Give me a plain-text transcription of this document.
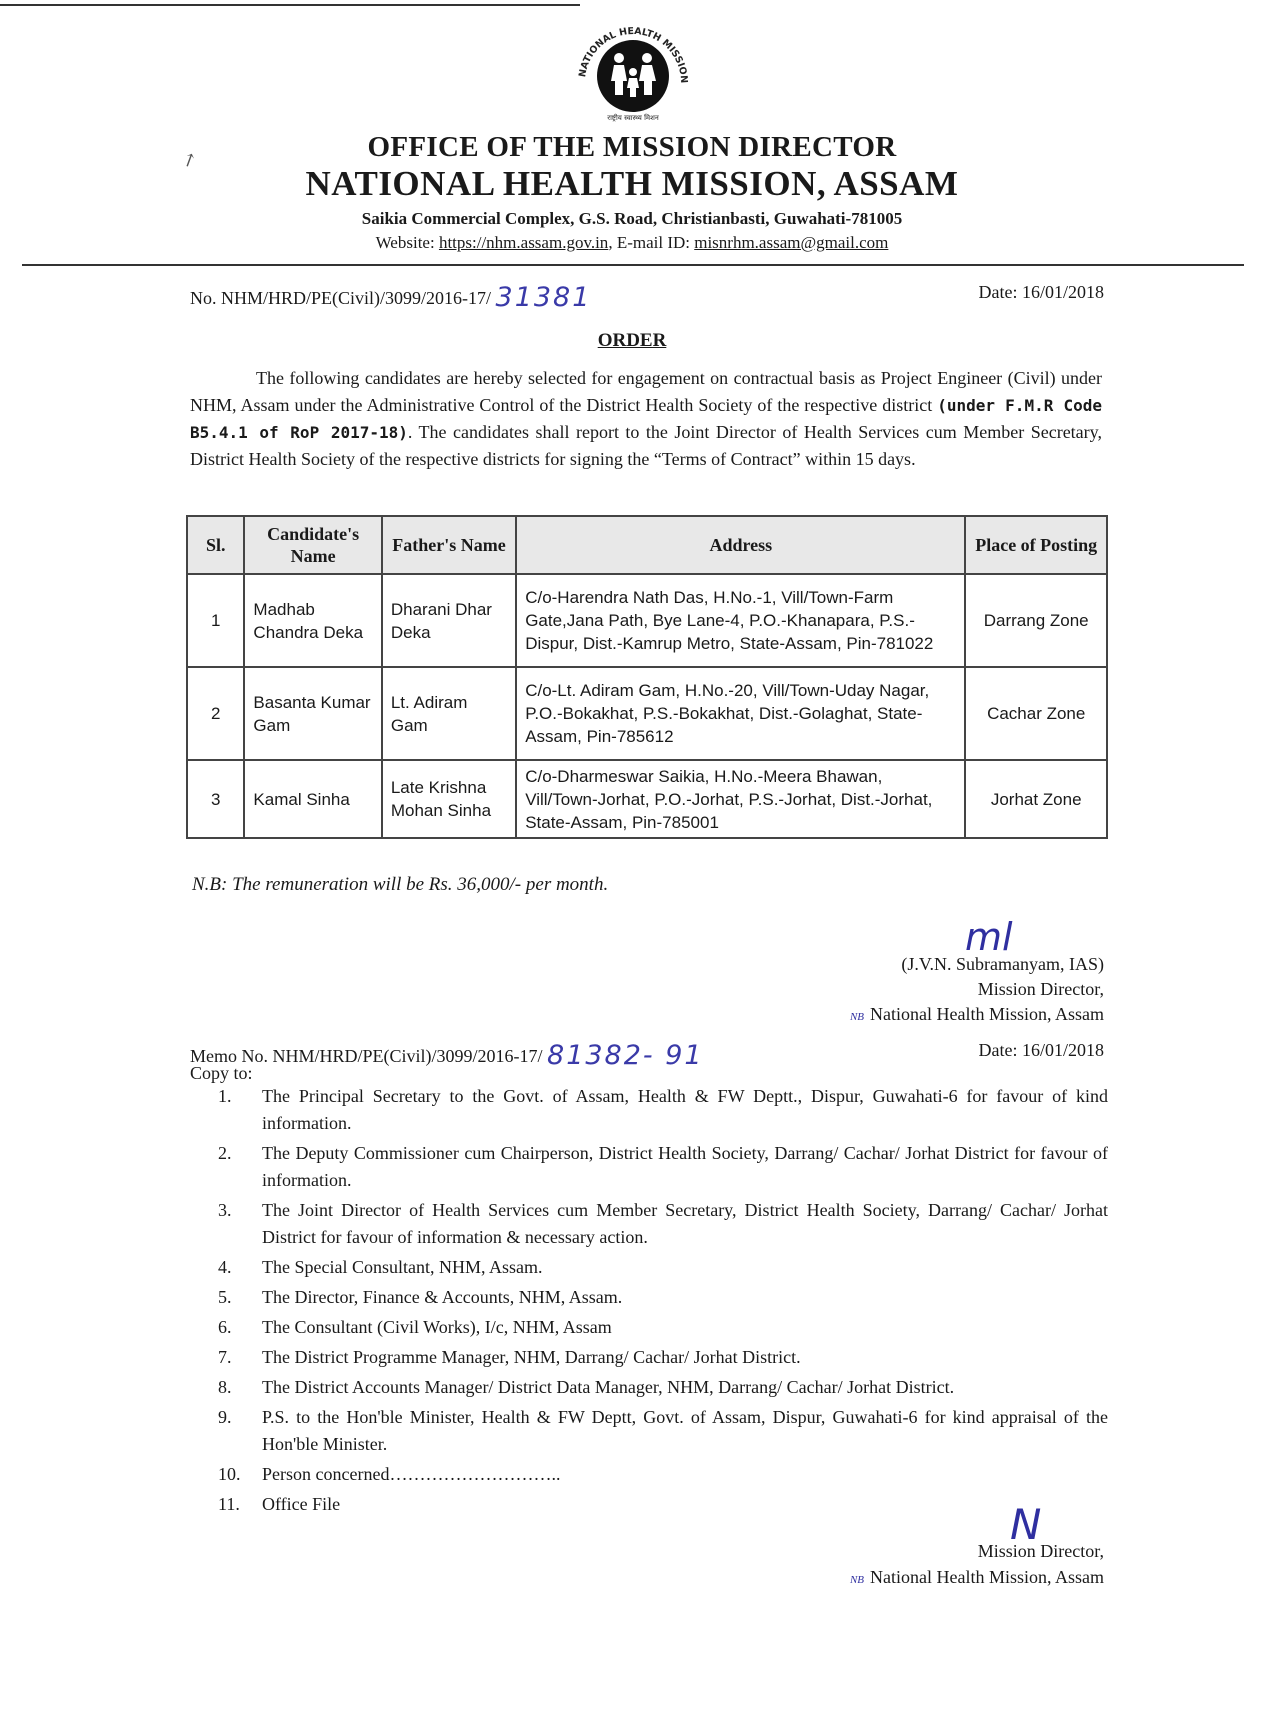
NATIONAL HEALTH MISSION
राष्ट्रीय स्वास्थ्य मिशन
↗	OFFICE OF THE MISSION DIRECTOR
NATIONAL HEALTH MISSION, ASSAM
Saikia Commercial Complex, G.S. Road, Christianbasti, Guwahati-781005
Website: https://nhm.assam.gov.in, E-mail ID: misnrhm.assam@gmail.com
No. NHM/HRD/PE(Civil)/3099/2016-17/ 31381	Date: 16/01/2018
ORDER
The following candidates are hereby selected for engagement on contractual basis as Project Engineer (Civil) under NHM, Assam under the Administrative Control of the District Health Society of the respective district (under F.M.R Code B5.4.1 of RoP 2017-18). The candidates shall report to the Joint Director of Health Services cum Member Secretary, District Health Society of the respective districts for signing the “Terms of Contract” within 15 days.
Sl.	Candidate's Name	Father's Name	Address	Place of Posting
1	Madhab Chandra Deka	Dharani Dhar Deka	C/o-Harendra Nath Das, H.No.-1, Vill/Town-Farm Gate,Jana Path, Bye Lane-4, P.O.-Khanapara, P.S.-Dispur, Dist.-Kamrup Metro, State-Assam, Pin-781022	Darrang Zone
2	Basanta Kumar Gam	Lt. Adiram Gam	C/o-Lt. Adiram Gam, H.No.-20, Vill/Town-Uday Nagar, P.O.-Bokakhat, P.S.-Bokakhat, Dist.-Golaghat, State-Assam, Pin-785612	Cachar Zone
3	Kamal Sinha	Late Krishna Mohan Sinha	C/o-Dharmeswar Saikia, H.No.-Meera Bhawan, Vill/Town-Jorhat, P.O.-Jorhat, P.S.-Jorhat, Dist.-Jorhat, State-Assam, Pin-785001	Jorhat Zone
N.B: The remuneration will be Rs. 36,000/- per month.
ml
(J.V.N. Subramanyam, IAS)
Mission Director,
NB National Health Mission, Assam
Memo No. NHM/HRD/PE(Civil)/3099/2016-17/ 81382- 91	Date: 16/01/2018
Copy to:
1. The Principal Secretary to the Govt. of Assam, Health & FW Deptt., Dispur, Guwahati-6 for favour of kind information.
2. The Deputy Commissioner cum Chairperson, District Health Society, Darrang/ Cachar/ Jorhat District for favour of information.
3. The Joint Director of Health Services cum Member Secretary, District Health Society, Darrang/ Cachar/ Jorhat District for favour of information & necessary action.
4. The Special Consultant, NHM, Assam.
5. The Director, Finance & Accounts, NHM, Assam.
6. The Consultant (Civil Works), I/c, NHM, Assam
7. The District Programme Manager, NHM, Darrang/ Cachar/ Jorhat District.
8. The District Accounts Manager/ District Data Manager, NHM, Darrang/ Cachar/ Jorhat District.
9. P.S. to the Hon'ble Minister, Health & FW Deptt, Govt. of Assam, Dispur, Guwahati-6 for kind appraisal of the Hon'ble Minister.
10. Person concerned………………………..
11. Office File	N
Mission Director,
NB National Health Mission, Assam
